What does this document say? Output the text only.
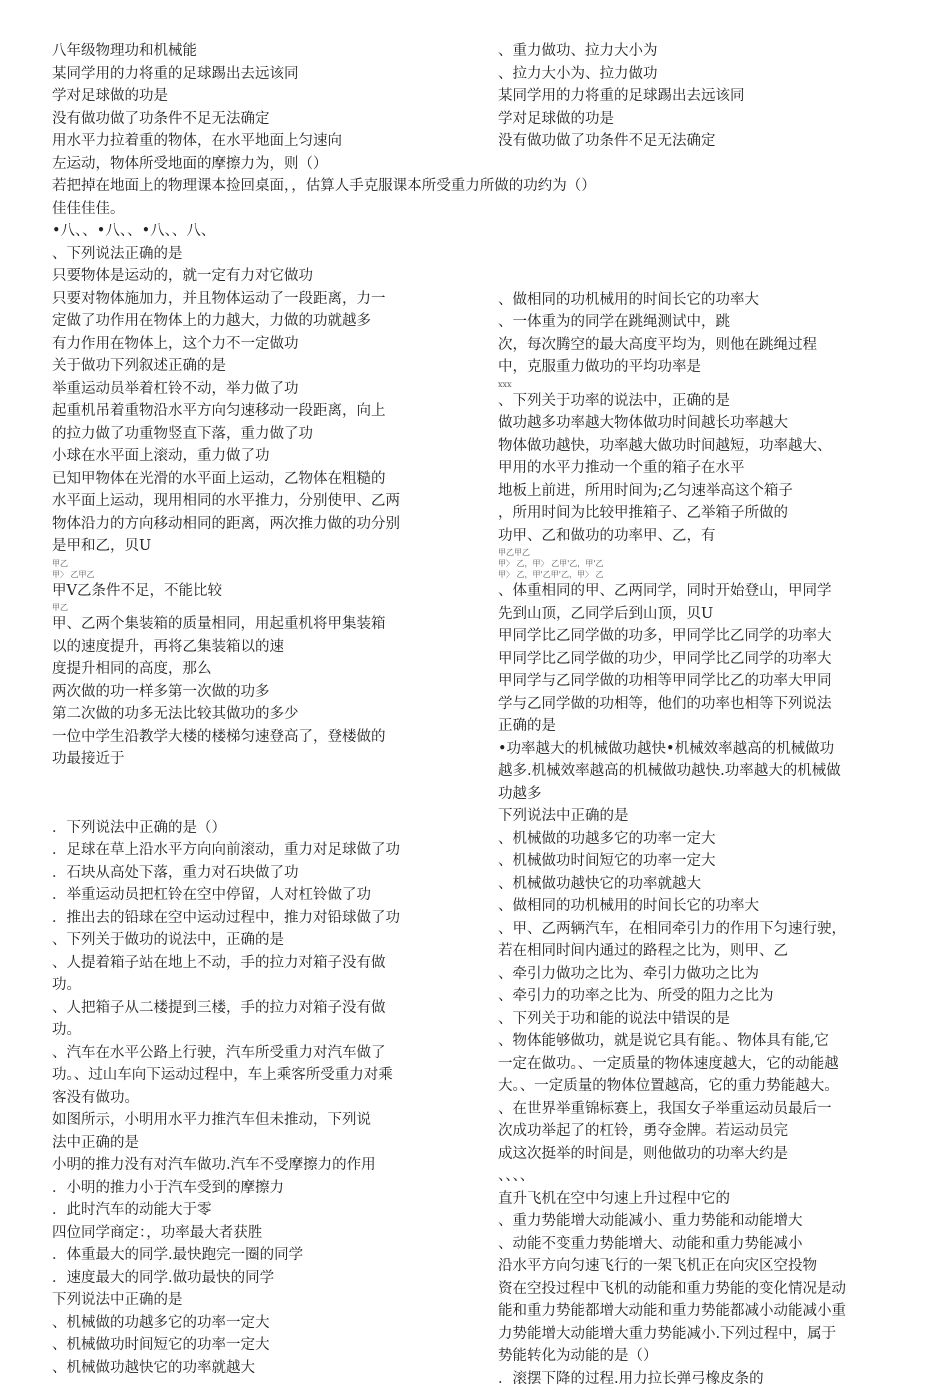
八年级物理功和机械能

某同学用的力将重的足球踢出去远该同

学对足球做的功是

没有做功做了功条件不足无法确定

用水平力拉着重的物体，在水平地面上匀速向

左运动，物体所受地面的摩擦力为，则（）

若把掉在地面上的物理课本捡回桌面，，估算人手克服课本所受重力所做的功约为（）

佳佳佳佳。

•八、、•八、、•八、、八、

、下列说法正确的是

只要物体是运动的，就一定有力对它做功

只要对物体施加力，并且物体运动了一段距离，力一

定做了功作用在物体上的力越大，力做的功就越多

有力作用在物体上，这个力不一定做功

关于做功下列叙述正确的是

举重运动员举着杠铃不动，举力做了功

起重机吊着重物沿水平方向匀速移动一段距离，向上

的拉力做了功重物竖直下落，重力做了功

小球在水平面上滚动，重力做了功

已知甲物体在光滑的水平面上运动，乙物体在粗糙的

水平面上运动，现用相同的水平推力，分别使甲、乙两

物体沿力的方向移动相同的距离，两次推力做的功分别

是甲和乙，贝U

甲乙

甲〉 乙甲乙

甲V乙条件不足，不能比较

甲乙

甲、乙两个集装箱的质量相同，用起重机将甲集装箱

以的速度提升，再将乙集装箱以的速

度提升相同的高度，那么

两次做的功一样多第一次做的功多

第二次做的功多无法比较其做功的多少

一位中学生沿教学大楼的楼梯匀速登高了，登楼做的

功最接近于

．下列说法中正确的是（）

．足球在草上沿水平方向向前滚动，重力对足球做了功

．石块从高处下落，重力对石块做了功

．举重运动员把杠铃在空中停留，人对杠铃做了功

．推出去的铅球在空中运动过程中，推力对铅球做了功

、下列关于做功的说法中，正确的是

、人提着箱子站在地上不动，手的拉力对箱子没有做

功。

、人把箱子从二楼提到三楼，手的拉力对箱子没有做

功。

、汽车在水平公路上行驶，汽车所受重力对汽车做了

功。、过山车向下运动过程中，车上乘客所受重力对乘

客没有做功。

如图所示，小明用水平力推汽车但未推动，下列说

法中正确的是

小明的推力没有对汽车做功.汽车不受摩擦力的作用

．小明的推力小于汽车受到的摩擦力

．此时汽车的动能大于零

四位同学商定：，功率最大者获胜

．体重最大的同学.最快跑完一圈的同学

．速度最大的同学.做功最快的同学

下列说法中正确的是

、机械做的功越多它的功率一定大

、机械做功时间短它的功率一定大

、机械做功越快它的功率就越大

、重力做功、拉力大小为

、拉力大小为、拉力做功

某同学用的力将重的足球踢出去远该同

学对足球做的功是

没有做功做了功条件不足无法确定

、做相同的功机械用的时间长它的功率大

、一体重为的同学在跳绳测试中，跳

次，每次腾空的最大高度平均为，则他在跳绳过程

中，克服重力做功的平均功率是

xxx

、下列关于功率的说法中，正确的是

做功越多功率越大物体做功时间越长功率越大

物体做功越快，功率越大做功时间越短，功率越大、

甲用的水平力推动一个重的箱子在水平

地板上前进，所用时间为;乙匀速举高这个箱子

，所用时间为比较甲推箱子、乙举箱子所做的

功甲、乙和做功的功率甲、乙，有

甲乙甲乙

甲〉 乙，甲〉 乙甲'乙，甲'乙

甲〉 乙，甲'乙甲'乙，甲〉 乙

、体重相同的甲、乙两同学，同时开始登山，甲同学

先到山顶，乙同学后到山顶，贝U

甲同学比乙同学做的功多，甲同学比乙同学的功率大

甲同学比乙同学做的功少，甲同学比乙同学的功率大

甲同学与乙同学做的功相等甲同学比乙的功率大甲同

学与乙同学做的功相等，他们的功率也相等下列说法

正确的是

•功率越大的机械做功越快•机械效率越高的机械做功

越多.机械效率越高的机械做功越快.功率越大的机械做

功越多

下列说法中正确的是

、机械做的功越多它的功率一定大

、机械做功时间短它的功率一定大

、机械做功越快它的功率就越大

、做相同的功机械用的时间长它的功率大

、甲、乙两辆汽车，在相同牵引力的作用下匀速行驶，

若在相同时间内通过的路程之比为，则甲、乙

、牵引力做功之比为、牵引力做功之比为

、牵引力的功率之比为、所受的阻力之比为

、下列关于功和能的说法中错误的是

、物体能够做功，就是说它具有能。、物体具有能,它

一定在做功。、一定质量的物体速度越大，它的动能越

大。、一定质量的物体位置越高，它的重力势能越大。

、在世界举重锦标赛上，我国女子举重运动员最后一

次成功举起了的杠铃，勇夺金牌。若运动员完

成这次挺举的时间是，则他做功的功率大约是

、、、、

直升飞机在空中匀速上升过程中它的

、重力势能增大动能减小、重力势能和动能增大

、动能不变重力势能增大、动能和重力势能减小

沿水平方向匀速飞行的一架飞机正在向灾区空投物

资在空投过程中飞机的动能和重力势能的变化情况是动

能和重力势能都增大动能和重力势能都减小动能减小重

力势能增大动能增大重力势能减小.下列过程中，属于

势能转化为动能的是（）

．滚摆下降的过程.用力拉长弹弓橡皮条的
